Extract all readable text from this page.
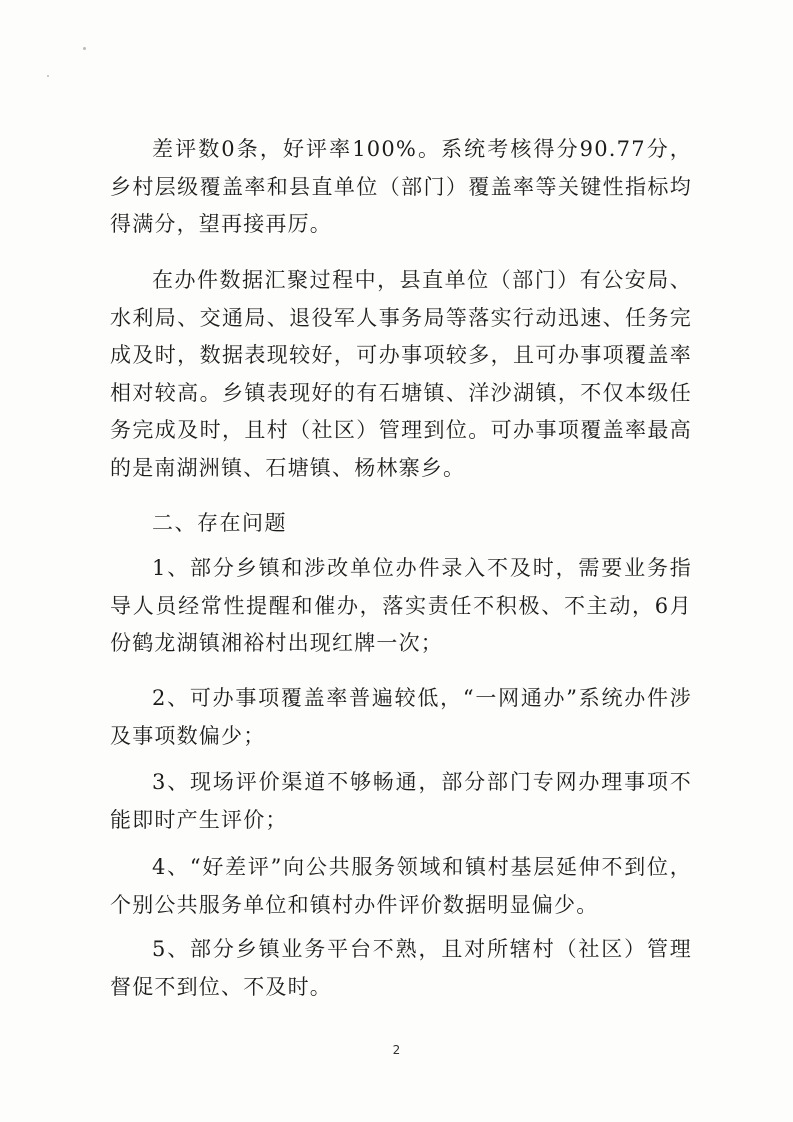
差评数0条，好评率100%。系统考核得分90.77分，乡村层级覆盖率和县直单位（部门）覆盖率等关键性指标均得满分，望再接再厉。

在办件数据汇聚过程中，县直单位（部门）有公安局、水利局、交通局、退役军人事务局等落实行动迅速、任务完成及时，数据表现较好，可办事项较多，且可办事项覆盖率相对较高。乡镇表现好的有石塘镇、洋沙湖镇，不仅本级任务完成及时，且村（社区）管理到位。可办事项覆盖率最高的是南湖洲镇、石塘镇、杨林寨乡。

二、存在问题

1、部分乡镇和涉改单位办件录入不及时，需要业务指导人员经常性提醒和催办，落实责任不积极、不主动，6月份鹤龙湖镇湘裕村出现红牌一次；

2、可办事项覆盖率普遍较低，“一网通办”系统办件涉及事项数偏少；

3、现场评价渠道不够畅通，部分部门专网办理事项不能即时产生评价；

4、“好差评”向公共服务领域和镇村基层延伸不到位，个别公共服务单位和镇村办件评价数据明显偏少。

5、部分乡镇业务平台不熟，且对所辖村（社区）管理督促不到位、不及时。

2
